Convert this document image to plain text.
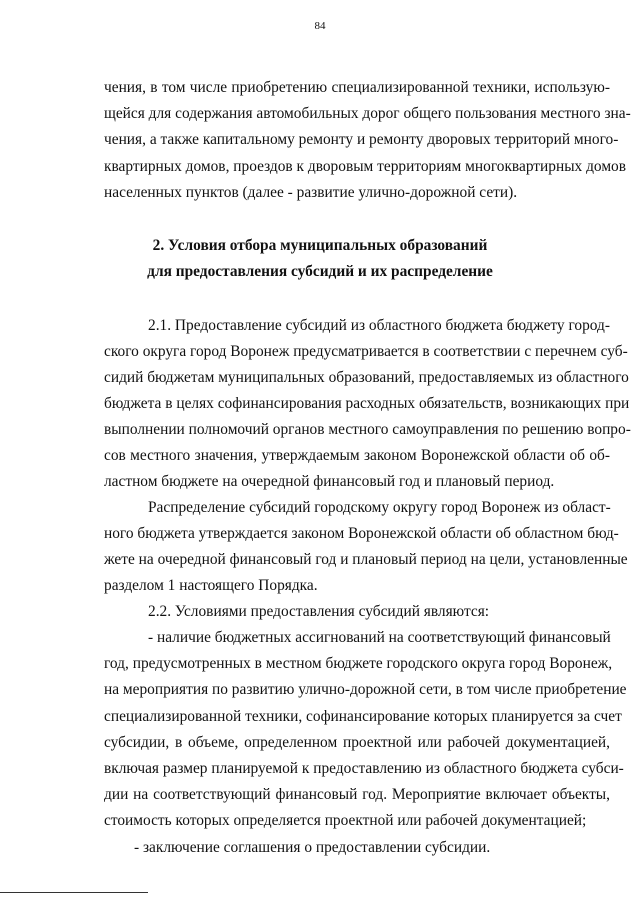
84
чения, в том числе приобретению специализированной техники, использую-
щейся для содержания автомобильных дорог общего пользования местного зна-
чения, а также капитальному ремонту и ремонту дворовых территорий много-
квартирных домов, проездов к дворовым территориям многоквартирных домов
населенных пунктов (далее - развитие улично-дорожной сети).
2. Условия отбора муниципальных образований
для предоставления субсидий и их распределение
2.1. Предоставление субсидий из областного бюджета бюджету город-
ского округа город Воронеж предусматривается в соответствии с перечнем суб-
сидий бюджетам муниципальных образований, предоставляемых из областного
бюджета в целях софинансирования расходных обязательств, возникающих при
выполнении полномочий органов местного самоуправления по решению вопро-
сов местного значения, утверждаемым законом Воронежской области об об-
ластном бюджете на очередной финансовый год и плановый период.
Распределение субсидий городскому округу город Воронеж из област-
ного бюджета утверждается законом Воронежской области об областном бюд-
жете на очередной финансовый год и плановый период на цели, установленные
разделом 1 настоящего Порядка.
2.2. Условиями предоставления субсидий являются:
- наличие бюджетных ассигнований на соответствующий финансовый
год, предусмотренных в местном бюджете городского округа город Воронеж,
на мероприятия по развитию улично-дорожной сети, в том числе приобретение
специализированной техники, софинансирование которых планируется за счет
субсидии, в объеме, определенном проектной или рабочей документацией,
включая размер планируемой к предоставлению из областного бюджета субси-
дии на соответствующий финансовый год. Мероприятие включает объекты,
стоимость которых определяется проектной или рабочей документацией;
- заключение соглашения о предоставлении субсидии.
